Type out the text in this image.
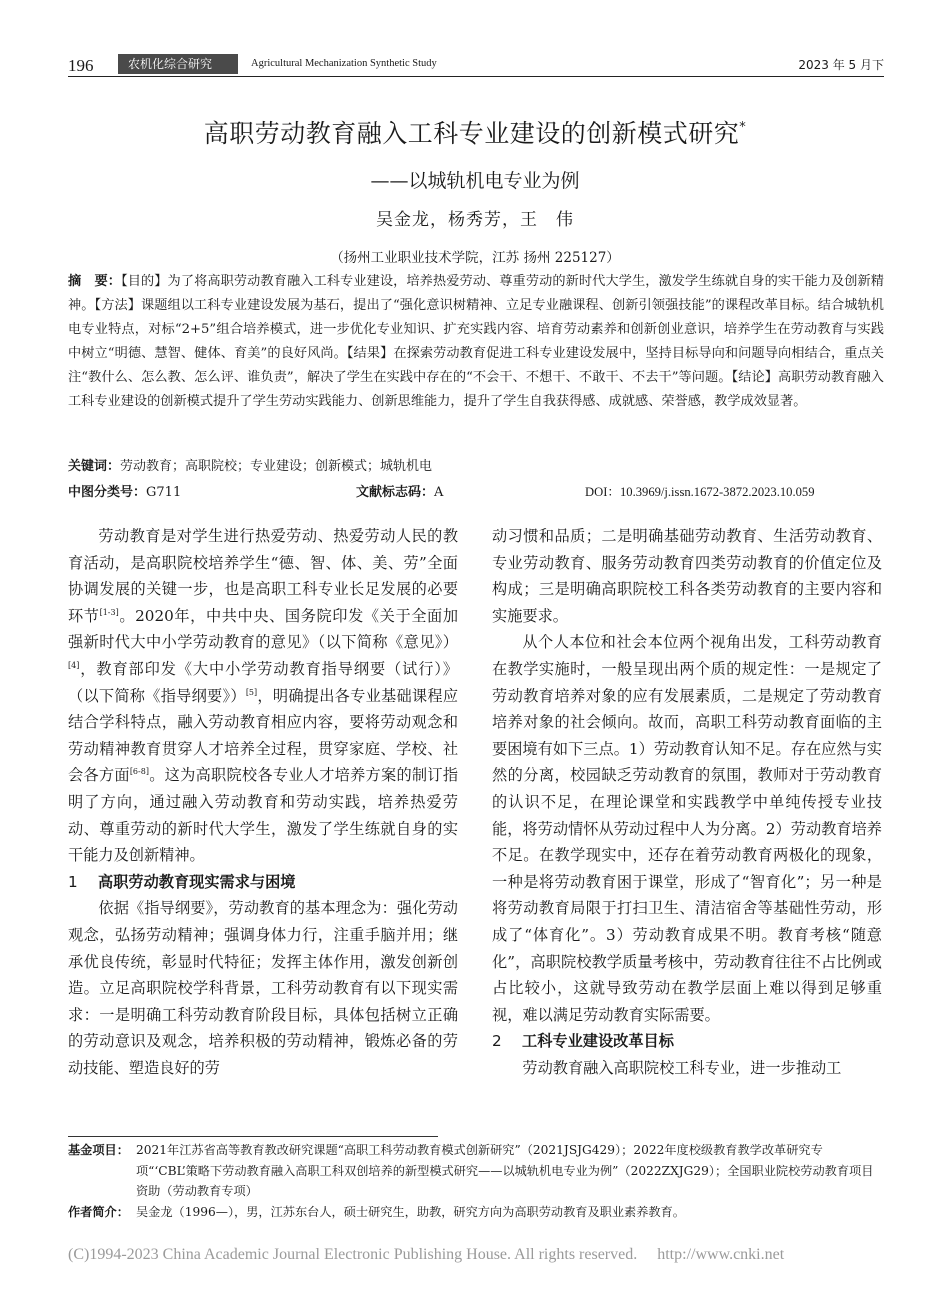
196	农机化综合研究	Agricultural Mechanization Synthetic Study	2023 年 5 月下
高职劳动教育融入工科专业建设的创新模式研究*
——以城轨机电专业为例
吴金龙，杨秀芳，王　伟
（扬州工业职业技术学院，江苏 扬州 225127）
摘　要：【目的】为了将高职劳动教育融入工科专业建设，培养热爱劳动、尊重劳动的新时代大学生，激发学生练就自身的实干能力及创新精神。【方法】课题组以工科专业建设发展为基石，提出了“强化意识树精神、立足专业融课程、创新引领强技能”的课程改革目标。结合城轨机电专业特点，对标“2+5”组合培养模式，进一步优化专业知识、扩充实践内容、培育劳动素养和创新创业意识，培养学生在劳动教育与实践中树立“明德、慧智、健体、育美”的良好风尚。【结果】在探索劳动教育促进工科专业建设发展中，坚持目标导向和问题导向相结合，重点关注“教什么、怎么教、怎么评、谁负责”，解决了学生在实践中存在的“不会干、不想干、不敢干、不去干”等问题。【结论】高职劳动教育融入工科专业建设的创新模式提升了学生劳动实践能力、创新思维能力，提升了学生自我获得感、成就感、荣誉感，教学成效显著。
关键词：劳动教育；高职院校；专业建设；创新模式；城轨机电
中图分类号：G711	文献标志码：A	DOI：10.3969/j.issn.1672-3872.2023.10.059

劳动教育是对学生进行热爱劳动、热爱劳动人民的教育活动，是高职院校培养学生“德、智、体、美、劳”全面协调发展的关键一步，也是高职工科专业长足发展的必要环节[1-3]。2020年，中共中央、国务院印发《关于全面加强新时代大中小学劳动教育的意见》（以下简称《意见》）[4]，教育部印发《大中小学劳动教育指导纲要（试行）》（以下简称《指导纲要》）[5]，明确提出各专业基础课程应结合学科特点，融入劳动教育相应内容，要将劳动观念和劳动精神教育贯穿人才培养全过程，贯穿家庭、学校、社会各方面[6-8]。这为高职院校各专业人才培养方案的制订指明了方向，通过融入劳动教育和劳动实践，培养热爱劳动、尊重劳动的新时代大学生，激发了学生练就自身的实干能力及创新精神。

1 高职劳动教育现实需求与困境

依据《指导纲要》，劳动教育的基本理念为：强化劳动观念，弘扬劳动精神；强调身体力行，注重手脑并用；继承优良传统，彰显时代特征；发挥主体作用，激发创新创造。立足高职院校学科背景，工科劳动教育有以下现实需求：一是明确工科劳动教育阶段目标，具体包括树立正确的劳动意识及观念，培养积极的劳动精神，锻炼必备的劳动技能、塑造良好的劳

动习惯和品质；二是明确基础劳动教育、生活劳动教育、专业劳动教育、服务劳动教育四类劳动教育的价值定位及构成；三是明确高职院校工科各类劳动教育的主要内容和实施要求。

从个人本位和社会本位两个视角出发，工科劳动教育在教学实施时，一般呈现出两个质的规定性：一是规定了劳动教育培养对象的应有发展素质，二是规定了劳动教育培养对象的社会倾向。故而，高职工科劳动教育面临的主要困境有如下三点。1）劳动教育认知不足。存在应然与实然的分离，校园缺乏劳动教育的氛围，教师对于劳动教育的认识不足，在理论课堂和实践教学中单纯传授专业技能，将劳动情怀从劳动过程中人为分离。2）劳动教育培养不足。在教学现实中，还存在着劳动教育两极化的现象，一种是将劳动教育困于课堂，形成了“智育化”；另一种是将劳动教育局限于打扫卫生、清洁宿舍等基础性劳动，形成了“体育化”。3）劳动教育成果不明。教育考核“随意化”，高职院校教学质量考核中，劳动教育往往不占比例或占比较小，这就导致劳动在教学层面上难以得到足够重视，难以满足劳动教育实际需要。

2 工科专业建设改革目标

劳动教育融入高职院校工科专业，进一步推动工

基金项目： 2021年江苏省高等教育教改研究课题“高职工科劳动教育模式创新研究”（2021JSJG429）；2022年度校级教育教学改革研究专项“‘CBL’策略下劳动教育融入高职工科双创培养的新型模式研究——以城轨机电专业为例”（2022ZXJG29）；全国职业院校劳动教育项目资助（劳动教育专项）
作者简介： 吴金龙（1996—），男，江苏东台人，硕士研究生，助教，研究方向为高职劳动教育及职业素养教育。
(C)1994-2023 China Academic Journal Electronic Publishing House. All rights reserved.　 http://www.cnki.net
